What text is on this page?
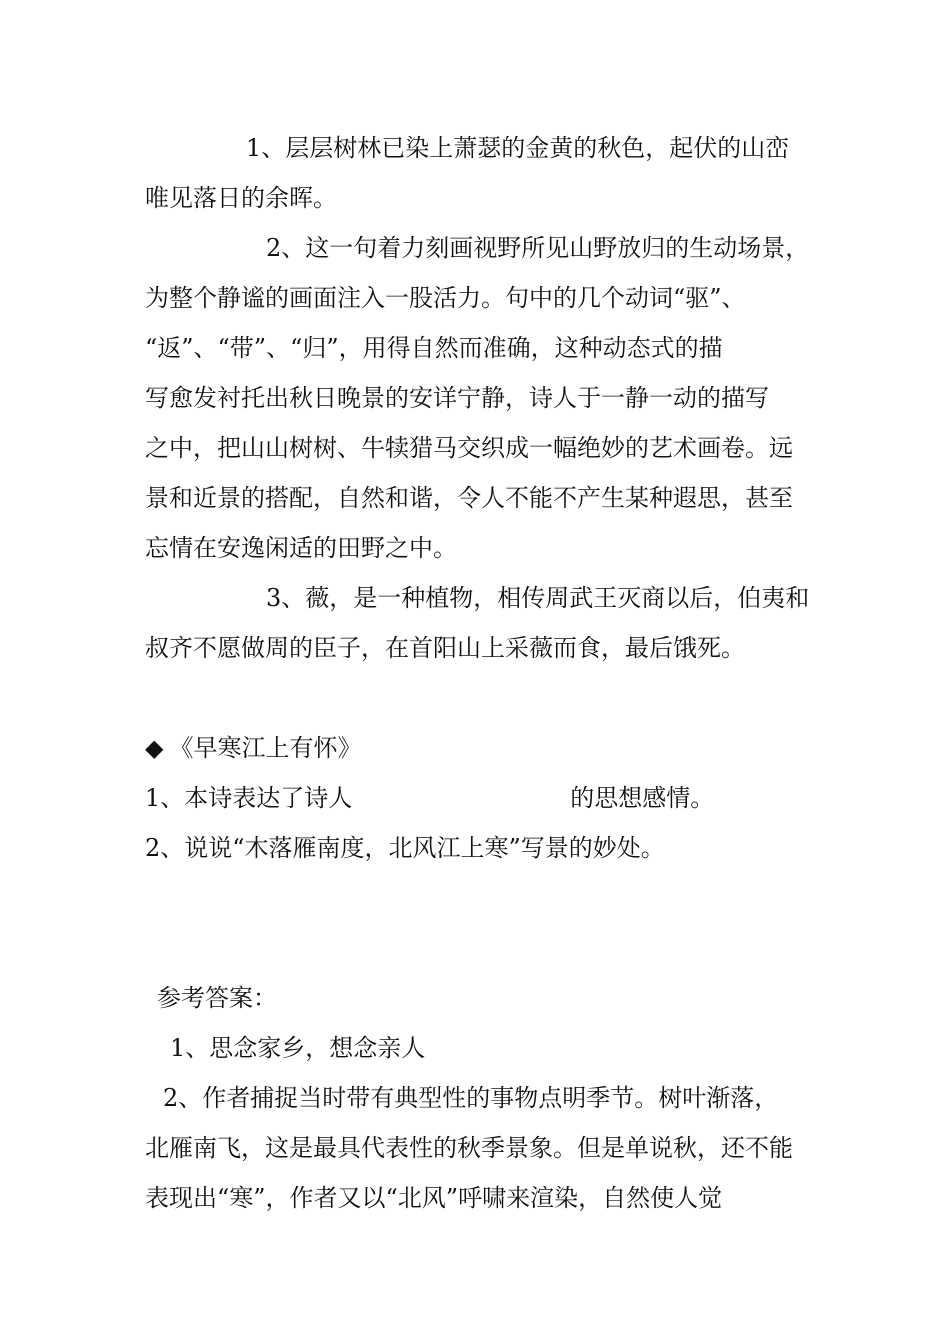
1、层层树林已染上萧瑟的金黄的秋色，起伏的山峦
唯见落日的余晖。
2、这一句着力刻画视野所见山野放归的生动场景，
为整个静谧的画面注入一股活力。句中的几个动词“驱”、
“返”、“带”、“归”，用得自然而准确，这种动态式的描
写愈发衬托出秋日晚景的安详宁静，诗人于一静一动的描写
之中，把山山树树、牛犊猎马交织成一幅绝妙的艺术画卷。远
景和近景的搭配，自然和谐，令人不能不产生某种遐思，甚至
忘情在安逸闲适的田野之中。
3、薇，是一种植物，相传周武王灭商以后，伯夷和
叔齐不愿做周的臣子，在首阳山上采薇而食，最后饿死。
◆ 《早寒江上有怀》
1、本诗表达了诗人	的思想感情。
2、说说“木落雁南度，北风江上寒”写景的妙处。
参考答案：
1、思念家乡，想念亲人
2、作者捕捉当时带有典型性的事物点明季节。树叶渐落，
北雁南飞，这是最具代表性的秋季景象。但是单说秋，还不能
表现出“寒”，作者又以“北风”呼啸来渲染，自然使人觉
